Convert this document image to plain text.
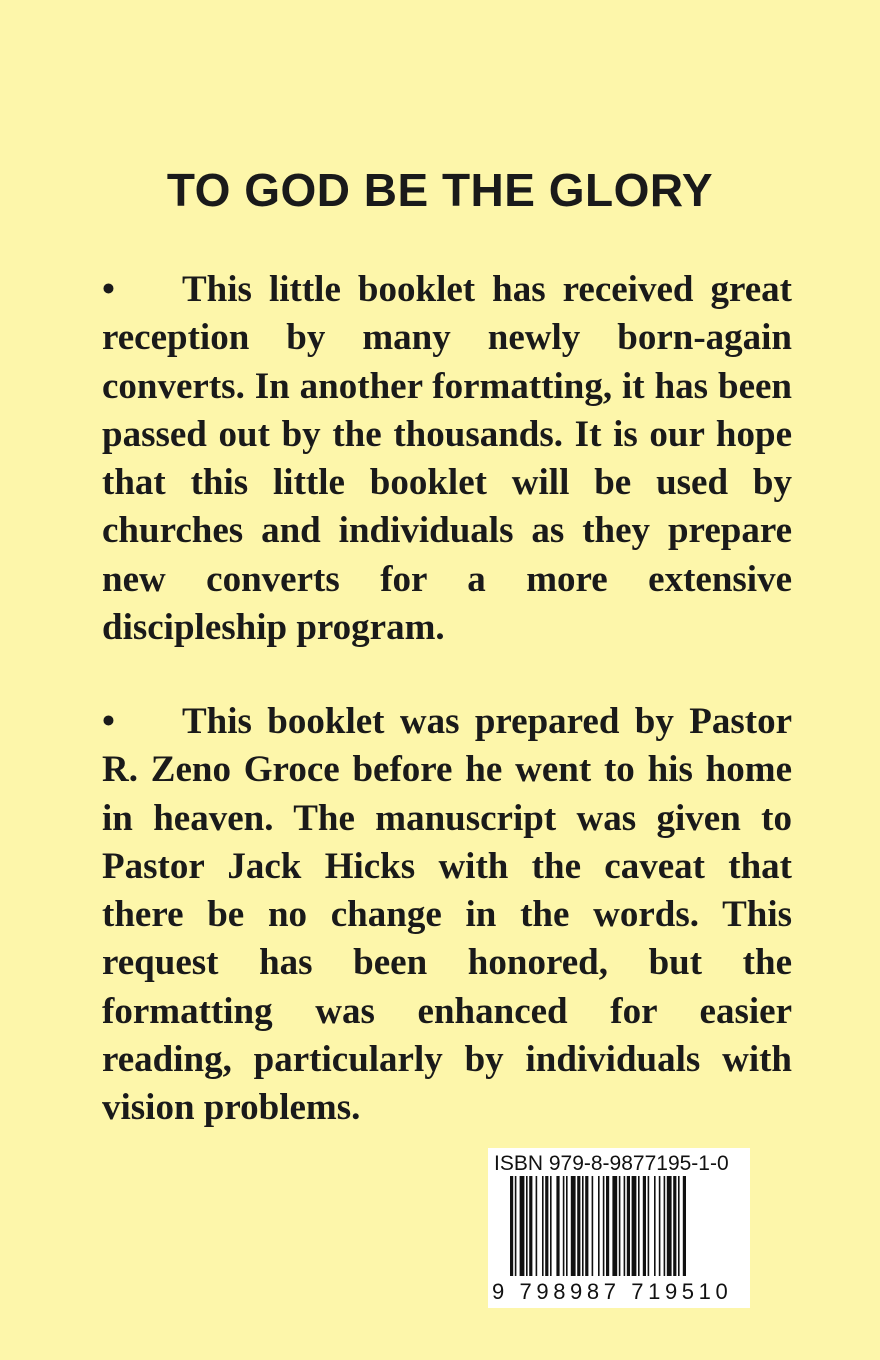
TO GOD BE THE GLORY

• This little booklet has received great reception by many newly born-again converts. In another formatting, it has been passed out by the thousands. It is our hope that this little booklet will be used by churches and individuals as they prepare new converts for a more extensive discipleship program.

• This booklet was prepared by Pastor R. Zeno Groce before he went to his home in heaven. The manuscript was given to Pastor Jack Hicks with the caveat that there be no change in the words. This request has been honored, but the formatting was enhanced for easier reading, particularly by individuals with vision problems.

ISBN 979-8-9877195-1-0
9 798987 719510
